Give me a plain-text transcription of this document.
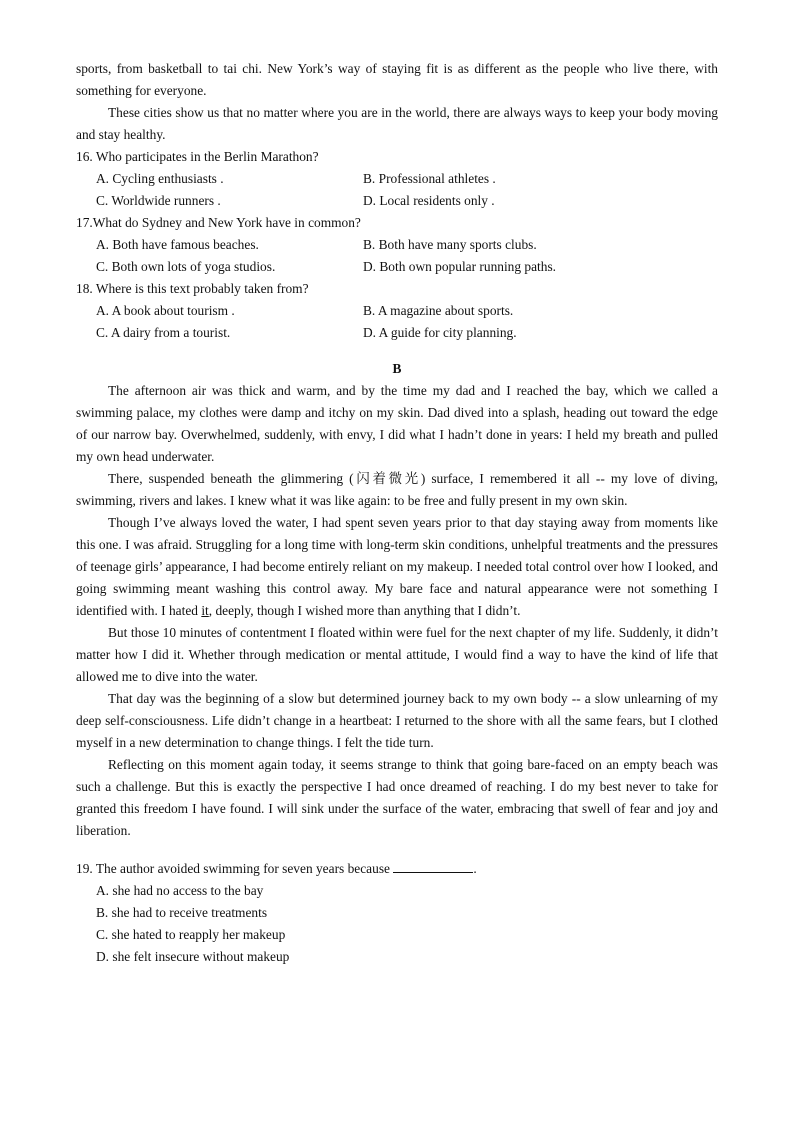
sports, from basketball to tai chi. New York’s way of staying fit is as different as the people who live there, with something for everyone.

These cities show us that no matter where you are in the world, there are always ways to keep your body moving and stay healthy.

16. Who participates in the Berlin Marathon?

A. Cycling enthusiasts .	B. Professional athletes .
C. Worldwide runners .	D. Local residents only .

17.What do Sydney and New York have in common?

A. Both have famous beaches.	B. Both have many sports clubs.
C. Both own lots of yoga studios.	D. Both own popular running paths.

18. Where is this text probably taken from?

A. A book about tourism .	B. A magazine about sports.
C. A dairy from a tourist.	D. A guide for city planning.

B

The afternoon air was thick and warm, and by the time my dad and I reached the bay, which we called a swimming palace, my clothes were damp and itchy on my skin. Dad dived into a splash, heading out toward the edge of our narrow bay. Overwhelmed, suddenly, with envy, I did what I hadn’t done in years: I held my breath and pulled my own head underwater.

There, suspended beneath the glimmering (闪着微光) surface, I remembered it all -- my love of diving, swimming, rivers and lakes. I knew what it was like again: to be free and fully present in my own skin.

Though I’ve always loved the water, I had spent seven years prior to that day staying away from moments like this one. I was afraid. Struggling for a long time with long-term skin conditions, unhelpful treatments and the pressures of teenage girls’ appearance, I had become entirely reliant on my makeup. I needed total control over how I looked, and going swimming meant washing this control away. My bare face and natural appearance were not something I identified with. I hated it, deeply, though I wished more than anything that I didn’t.

But those 10 minutes of contentment I floated within were fuel for the next chapter of my life. Suddenly, it didn’t matter how I did it. Whether through medication or mental attitude, I would find a way to have the kind of life that allowed me to dive into the water.

That day was the beginning of a slow but determined journey back to my own body -- a slow unlearning of my deep self-consciousness. Life didn’t change in a heartbeat: I returned to the shore with all the same fears, but I clothed myself in a new determination to change things. I felt the tide turn.

Reflecting on this moment again today, it seems strange to think that going bare-faced on an empty beach was such a challenge. But this is exactly the perspective I had once dreamed of reaching. I do my best never to take for granted this freedom I have found. I will sink under the surface of the water, embracing that swell of fear and joy and liberation.

19. The author avoided swimming for seven years because	.

A. she had no access to the bay
B. she had to receive treatments
C. she hated to reapply her makeup
D. she felt insecure without makeup
